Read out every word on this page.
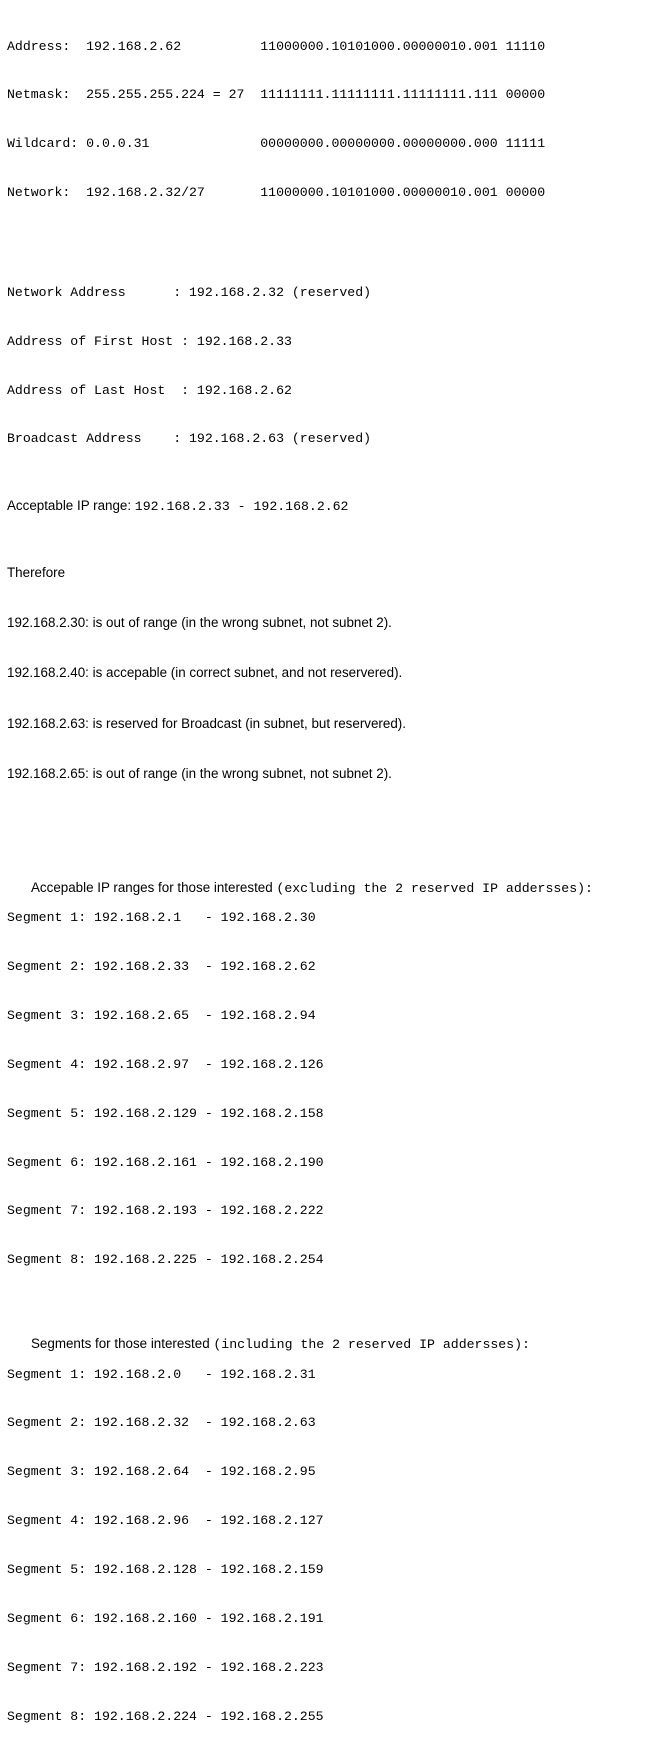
Address:  192.168.2.62          11000000.10101000.00000010.001 11110

Netmask:  255.255.255.224 = 27  11111111.11111111.11111111.111 00000

Wildcard: 0.0.0.31              00000000.00000000.00000000.000 11111

Network:  192.168.2.32/27       11000000.10101000.00000010.001 00000

Network Address      : 192.168.2.32 (reserved)

Address of First Host : 192.168.2.33

Address of Last Host  : 192.168.2.62

Broadcast Address    : 192.168.2.63 (reserved)

Acceptable IP range: 192.168.2.33 - 192.168.2.62

Therefore

192.168.2.30: is out of range (in the wrong subnet, not subnet 2).

192.168.2.40: is accepable (in correct subnet, and not reservered).

192.168.2.63: is reserved for Broadcast (in subnet, but reservered).

192.168.2.65: is out of range (in the wrong subnet, not subnet 2).

Accepable IP ranges for those interested (excluding the 2 reserved IP addersses):

Segment 1: 192.168.2.1   - 192.168.2.30

Segment 2: 192.168.2.33  - 192.168.2.62

Segment 3: 192.168.2.65  - 192.168.2.94

Segment 4: 192.168.2.97  - 192.168.2.126

Segment 5: 192.168.2.129 - 192.168.2.158

Segment 6: 192.168.2.161 - 192.168.2.190

Segment 7: 192.168.2.193 - 192.168.2.222

Segment 8: 192.168.2.225 - 192.168.2.254

Segments for those interested (including the 2 reserved IP addersses):

Segment 1: 192.168.2.0   - 192.168.2.31

Segment 2: 192.168.2.32  - 192.168.2.63

Segment 3: 192.168.2.64  - 192.168.2.95

Segment 4: 192.168.2.96  - 192.168.2.127

Segment 5: 192.168.2.128 - 192.168.2.159

Segment 6: 192.168.2.160 - 192.168.2.191

Segment 7: 192.168.2.192 - 192.168.2.223

Segment 8: 192.168.2.224 - 192.168.2.255
